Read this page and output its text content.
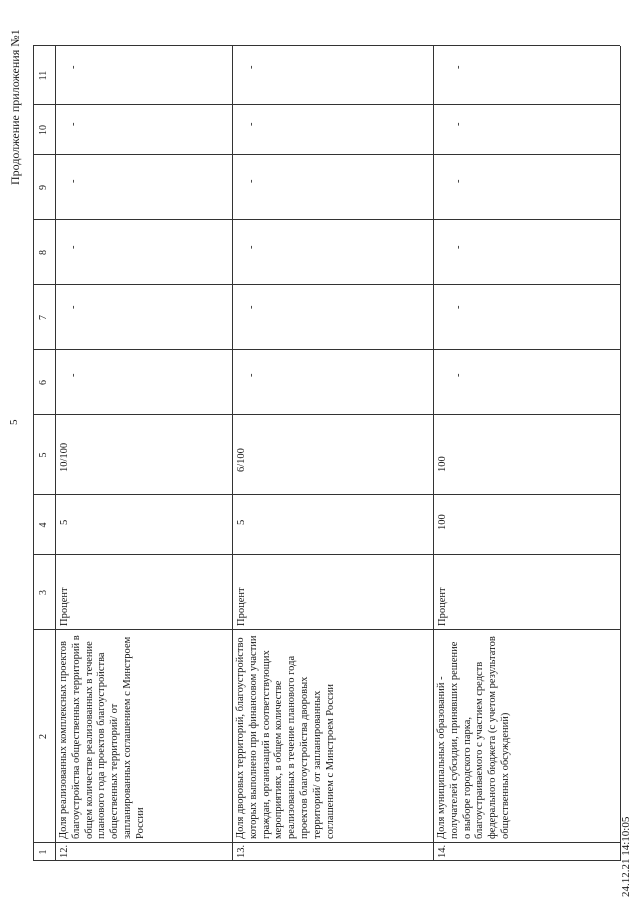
5
Продолжение приложения №1
1
2
3
4
5
6
7
8
9
10
11
12.
Доля реализованных комплексных проектов благоустройства общественных территорий в общем количестве реализованных в течение планового года проектов благоустройства общественных территорий/ от запланированных соглашением с Минстроем России
Процент
5
10/100
-
-
-
-
-
-
13.
Доля дворовых территорий, благоустройство которых выполнено при финансовом участии граждан, организаций в соответствующих мероприятиях, в общем количестве реализованных в течение планового года проектов благоустройства дворовых территорий/ от запланированных соглашением с Минстроем России
Процент
5
6/100
-
-
-
-
-
-
14.
Доля муниципальных образований - получателей субсидии, принявших решение о выборе городского парка, благоустраиваемого с участием средств федерального бюджета (с учетом результатов общественных обсуждений)
Процент
100
100
-
-
-
-
-
-
24.12.21 14:10:05
